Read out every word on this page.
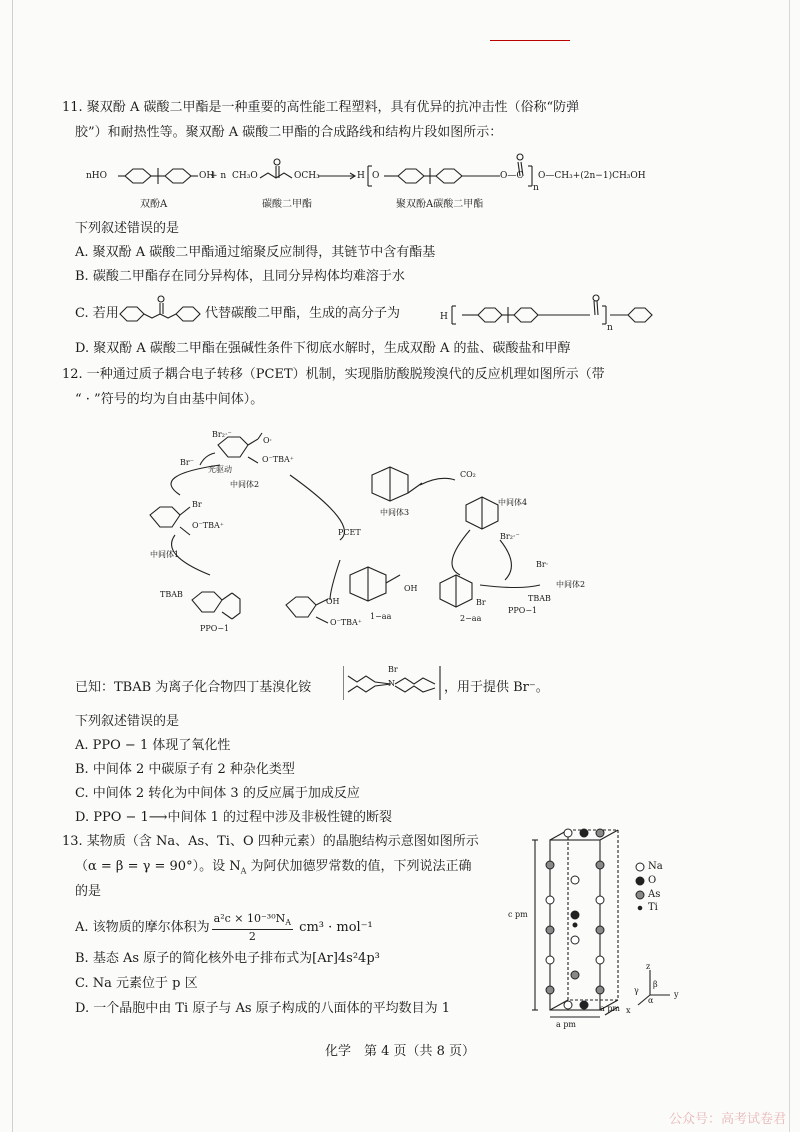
11. 聚双酚 A 碳酸二甲酯是一种重要的高性能工程塑料，具有优异的抗冲击性（俗称“防弹
胶”）和耐热性等。聚双酚 A 碳酸二甲酯的合成路线和结构片段如图所示：
nHO	OH
+ n CH₃O	OCH₃	H O	O—C
n
O—CH₃+(2n−1)CH₃OH
双酚A	碳酸二甲酯	聚双酚A碳酸二甲酯
下列叙述错误的是
A. 聚双酚 A 碳酸二甲酯通过缩聚反应制得，其链节中含有酯基
B. 碳酸二甲酯存在同分异构体，且同分异构体均难溶于水
C. 若用	代替碳酸二甲酯，生成的高分子为	H
n
D. 聚双酚 A 碳酸二甲酯在强碱性条件下彻底水解时，生成双酚 A 的盐、碳酸盐和甲醇
12. 一种通过质子耦合电子转移（PCET）机制，实现脂肪酸脱羧溴代的反应机理如图所示（带
“ · ”符号的均为自由基中间体）。
Br₂·⁻
Br⁻
光驱动
O·
O⁻TBA⁺
中间体2
Br
O⁻TBA⁺
中间体1
TBAB
PPO−1
PCET
OH
O⁻TBA⁺
OH
1−aa
中间体3
CO₂
中间体4
Br₂·⁻
Br·
Br
中间体2
TBAB
PPO−1
2−aa
已知：TBAB 为离子化合物四丁基溴化铵
Br
N	，用于提供 Br⁻。
下列叙述错误的是
A. PPO − 1 体现了氧化性
B. 中间体 2 中碳原子有 2 种杂化类型
C. 中间体 2 转化为中间体 3 的反应属于加成反应
D. PPO − 1⟶中间体 1 的过程中涉及非极性键的断裂
13. 某物质（含 Na、As、Ti、O 四种元素）的晶胞结构示意图如图所示
（α = β = γ = 90°）。设 $N_A$ 为阿伏加德罗常数的值，下列说法正确
的是
A. 该物质的摩尔体积为 $\frac{a^2c \times 10^{-30}N_A}{2} cm^3 \cdot mol^{-1}$
B. 基态 As 原子的简化核外电子排布式为[Ar]4s²4p³
C. Na 元素位于 p 区
D. 一个晶胞中由 Ti 原子与 As 原子构成的八面体的平均数目为 1
Na
O
As
Ti
c pm
a pm
a pm
z
y
x
γ
β
α
化学　第 4 页（共 8 页）
公众号：高考试卷君
